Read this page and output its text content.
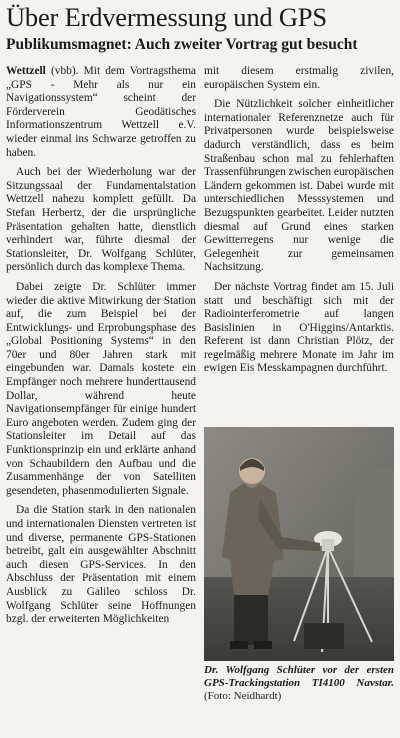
Über Erdvermessung und GPS
Publikumsmagnet: Auch zweiter Vortrag gut besucht

Wettzell (vbb). Mit dem Vortragsthema „GPS - Mehr als nur ein Navigationssystem“ scheint der Förderverein Geodätisches Informationszentrum Wettzell e.V. wieder einmal ins Schwarze getroffen zu haben.

Auch bei der Wiederholung war der Sitzungssaal der Fundamentalstation Wettzell nahezu komplett gefüllt. Da Stefan Herbertz, der die ursprüngliche Präsentation gehalten hatte, dienstlich verhindert war, führte diesmal der Stationsleiter, Dr. Wolfgang Schlüter, persönlich durch das komplexe Thema.

Dabei zeigte Dr. Schlüter immer wieder die aktive Mitwirkung der Station auf, die zum Beispiel bei der Entwicklungs- und Erprobungsphase des „Global Positioning Systems“ in den 70er und 80er Jahren stark mit eingebunden war. Damals kostete ein Empfänger noch mehrere hunderttausend Dollar, während heute Navigationsempfänger für einige hundert Euro angeboten werden. Zudem ging der Stationsleiter im Detail auf das Funktionsprinzip ein und erklärte anhand von Schaubildern den Aufbau und die Zusammenhänge der von Satelliten gesendeten, phasenmodulierten Signale.

Da die Station stark in den nationalen und internationalen Diensten vertreten ist und diverse, permanente GPS-Stationen betreibt, galt ein ausgewählter Abschnitt auch diesen GPS-Services. In den Abschluss der Präsentation mit einem Ausblick zu Galileo schloss Dr. Wolfgang Schlüter seine Hoffnungen bzgl. der erweiterten Möglichkeiten

mit diesem erstmalig zivilen, europäischen System ein.

Die Nützlichkeit solcher einheitlicher internationaler Referenznetze auch für Privatpersonen wurde beispielsweise dadurch verständlich, dass es beim Straßenbau schon mal zu fehlerhaften Trassenführungen zwischen europäischen Ländern gekommen ist. Dabei wurde mit unterschiedlichen Messsystemen und Bezugspunkten gearbeitet. Leider nutzten diesmal auf Grund eines starken Gewitterregens nur wenige die Gelegenheit zur gemeinsamen Nachsitzung.

Der nächste Vortrag findet am 15. Juli statt und beschäftigt sich mit der Radiointerferometrie auf langen Basislinien in O'Higgins/Antarktis. Referent ist dann Christian Plötz, der regelmäßig mehrere Monate im Jahr im ewigen Eis Messkampagnen durchführt.

Dr. Wolfgang Schlüter vor der ersten GPS-Trackingstation TI4100 Navstar. (Foto: Neidhardt)
